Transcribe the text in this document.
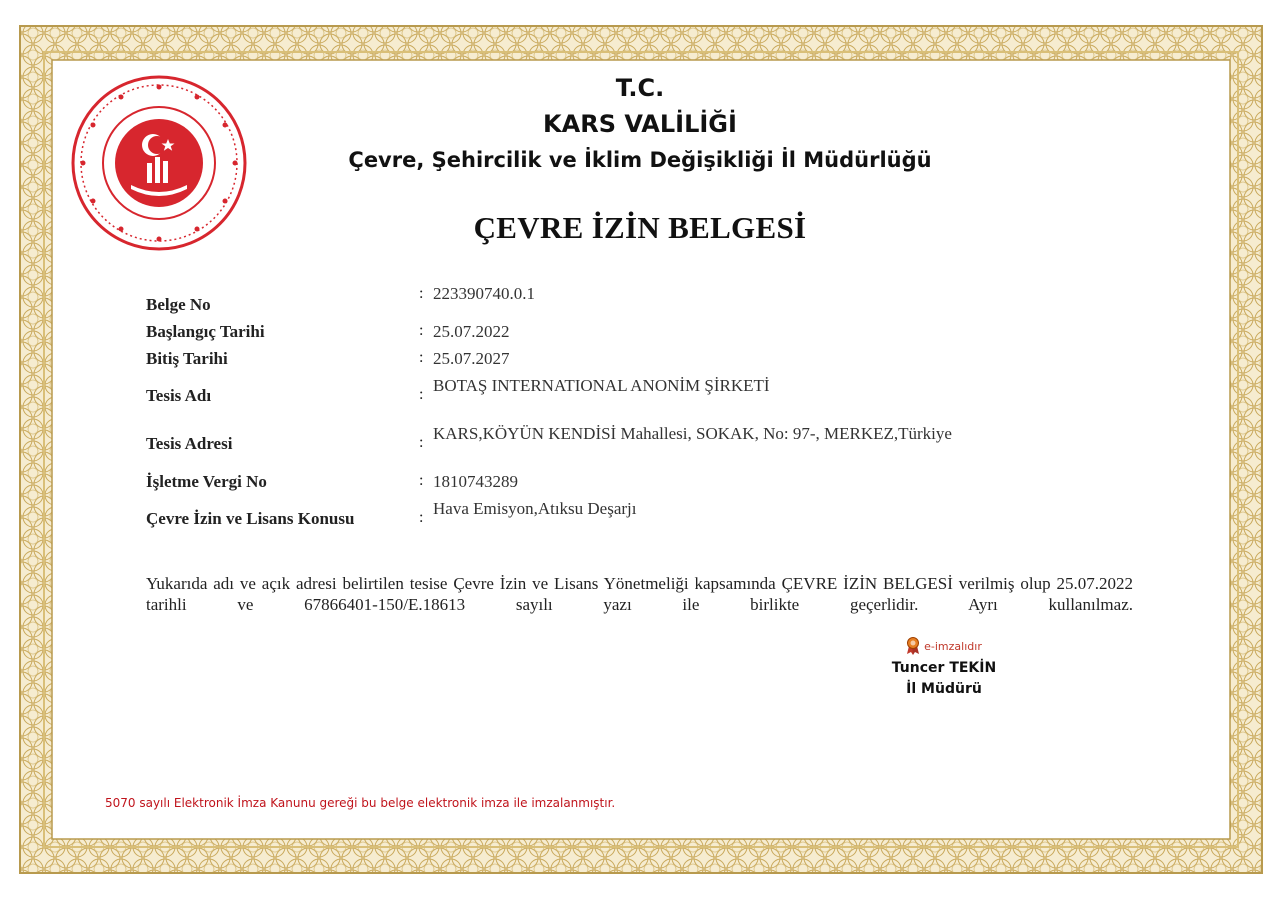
T.C.
KARS VALİLİĞİ
Çevre, Şehircilik ve İklim Değişikliği İl Müdürlüğü
ÇEVRE İZİN BELGESİ
Belge No
: 223390740.0.1
Başlangıç Tarihi	: 25.07.2022
Bitiş Tarihi	: 25.07.2027
Tesis Adı	: BOTAŞ INTERNATIONAL ANONİM ŞİRKETİ
Tesis Adresi	: KARS,KÖYÜN KENDİSİ Mahallesi, SOKAK, No: 97-, MERKEZ,Türkiye
İşletme Vergi No	: 1810743289
Çevre İzin ve Lisans Konusu	: Hava Emisyon,Atıksu Deşarjı
Yukarıda adı ve açık adresi belirtilen tesise Çevre İzin ve Lisans Yönetmeliği kapsamında ÇEVRE İZİN BELGESİ verilmiş olup 25.07.2022 tarihli ve 67866401-150/E.18613 sayılı yazı ile birlikte geçerlidir. Ayrı kullanılmaz.
e-imzalıdır
Tuncer TEKİN
İl Müdürü
5070 sayılı Elektronik İmza Kanunu gereği bu belge elektronik imza ile imzalanmıştır.
